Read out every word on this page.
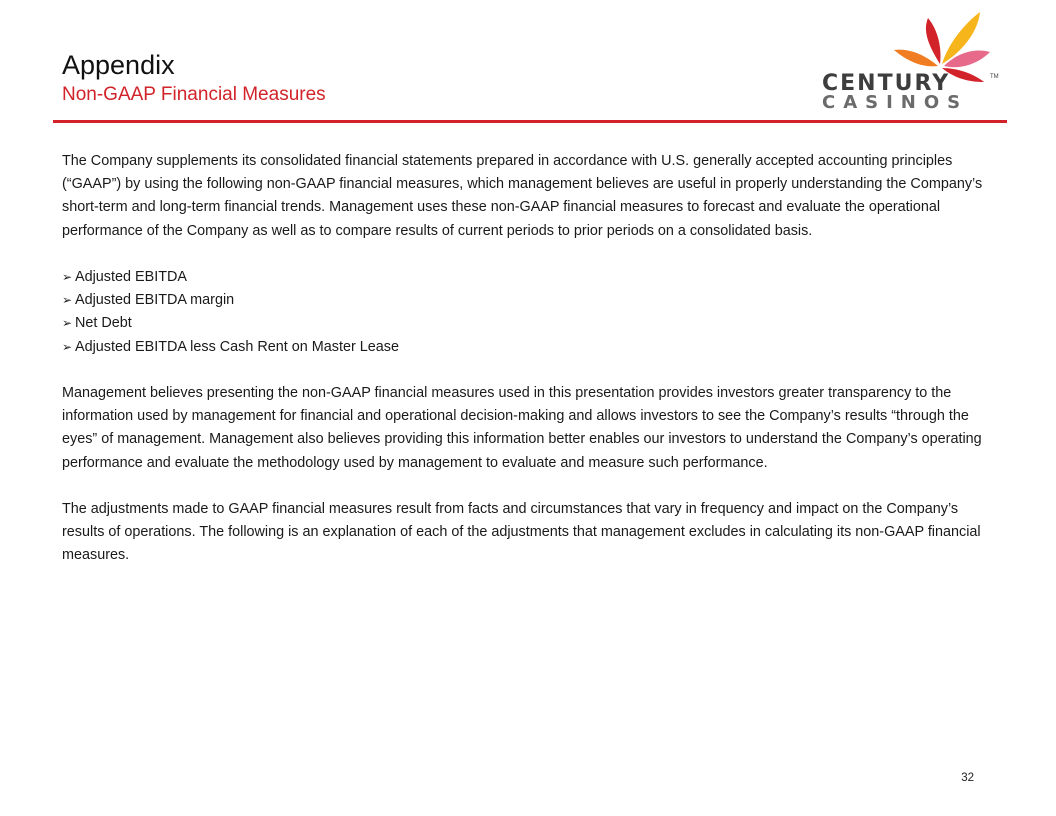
Appendix
Non-GAAP Financial Measures	CENTURY	TM
CASINOS

The Company supplements its consolidated financial statements prepared in accordance with U.S. generally accepted accounting principles (“GAAP”) by using the following non-GAAP financial measures, which management believes are useful in properly understanding the Company’s short-term and long-term financial trends. Management uses these non-GAAP financial measures to forecast and evaluate the operational performance of the Company as well as to compare results of current periods to prior periods on a consolidated basis.

➢ Adjusted EBITDA
➢ Adjusted EBITDA margin
➢ Net Debt
➢ Adjusted EBITDA less Cash Rent on Master Lease

Management believes presenting the non-GAAP financial measures used in this presentation provides investors greater transparency to the information used by management for financial and operational decision-making and allows investors to see the Company’s results “through the eyes” of management. Management also believes providing this information better enables our investors to understand the Company’s operating performance and evaluate the methodology used by management to evaluate and measure such performance.

The adjustments made to GAAP financial measures result from facts and circumstances that vary in frequency and impact on the Company’s results of operations. The following is an explanation of each of the adjustments that management excludes in calculating its non-GAAP financial measures.

32
